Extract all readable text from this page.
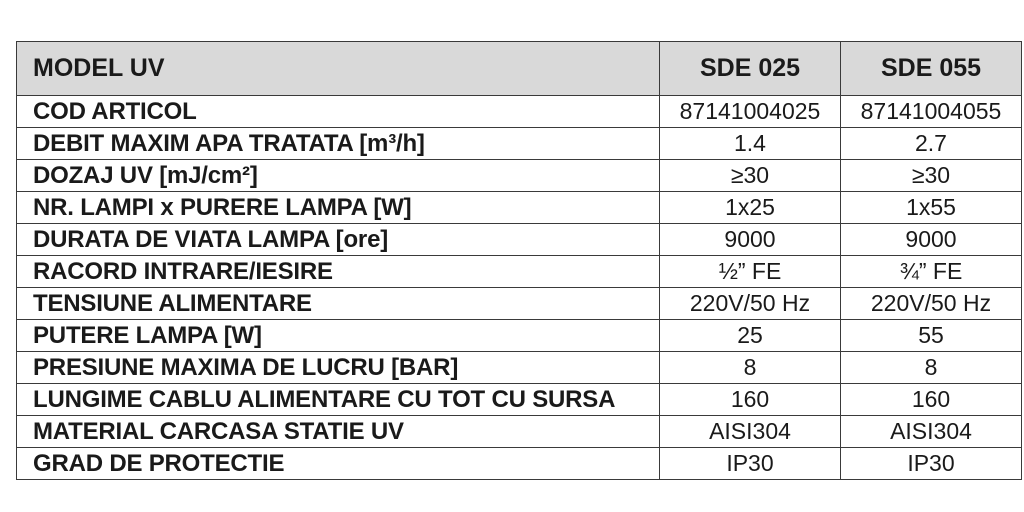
MODEL UV	SDE 025	SDE 055
COD ARTICOL	87141004025	87141004055
DEBIT MAXIM APA TRATATA [m³/h]	1.4	2.7
DOZAJ UV [mJ/cm²]	≥30	≥30
NR. LAMPI x PURERE LAMPA [W]	1x25	1x55
DURATA DE VIATA LAMPA [ore]	9000	9000
RACORD INTRARE/IESIRE	½” FE	¾” FE
TENSIUNE ALIMENTARE	220V/50 Hz	220V/50 Hz
PUTERE LAMPA [W]	25	55
PRESIUNE MAXIMA DE LUCRU [BAR]	8	8
LUNGIME CABLU ALIMENTARE CU TOT CU SURSA	160	160
MATERIAL CARCASA STATIE UV	AISI304	AISI304
GRAD DE PROTECTIE	IP30	IP30
